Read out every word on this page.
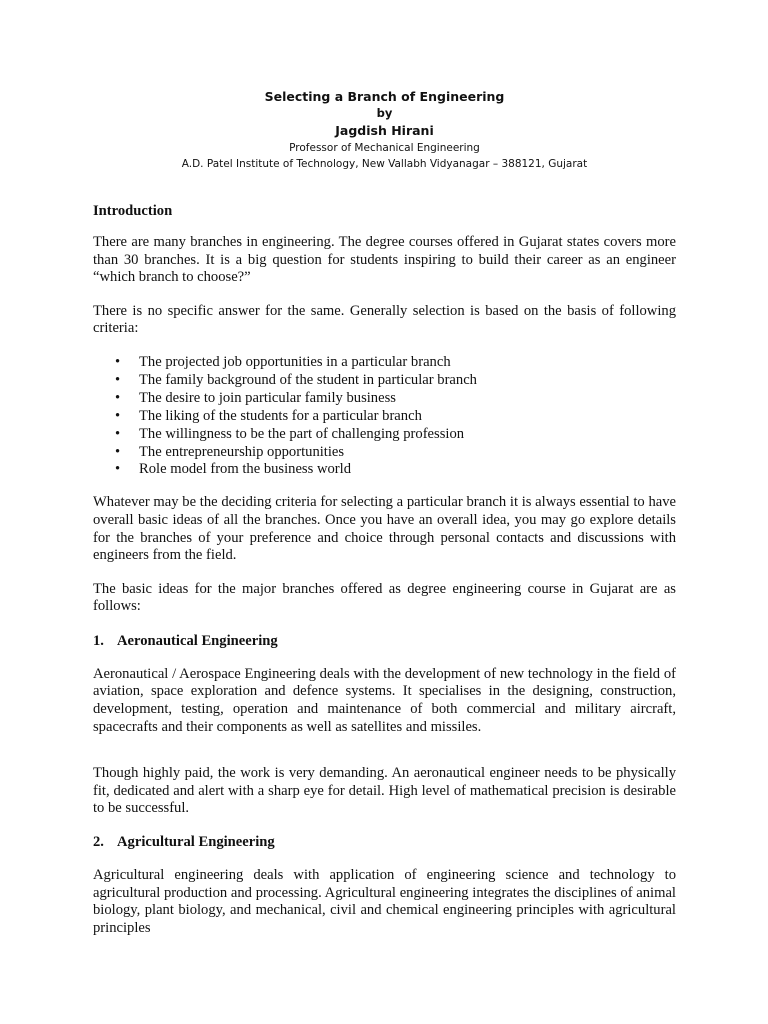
Selecting a Branch of Engineering
by
Jagdish Hirani
Professor of Mechanical Engineering
A.D. Patel Institute of Technology, New Vallabh Vidyanagar – 388121, Gujarat
Introduction

There are many branches in engineering. The degree courses offered in Gujarat states covers more than 30 branches. It is a big question for students inspiring to build their career as an engineer “which branch to choose?”

There is no specific answer for the same. Generally selection is based on the basis of following criteria:

• The projected job opportunities in a particular branch
• The family background of the student in particular branch
• The desire to join particular family business
• The liking of the students for a particular branch
• The willingness to be the part of challenging profession
• The entrepreneurship opportunities
• Role model from the business world

Whatever may be the deciding criteria for selecting a particular branch it is always essential to have overall basic ideas of all the branches. Once you have an overall idea, you may go explore details for the branches of your preference and choice through personal contacts and discussions with engineers from the field.

The basic ideas for the major branches offered as degree engineering course in Gujarat are as follows:

1. Aeronautical Engineering

Aeronautical / Aerospace Engineering deals with the development of new technology in the field of aviation, space exploration and defence systems. It specialises in the designing, construction, development, testing, operation and maintenance of both commercial and military aircraft, spacecrafts and their components as well as satellites and missiles.

Though highly paid, the work is very demanding. An aeronautical engineer needs to be physically fit, dedicated and alert with a sharp eye for detail. High level of mathematical precision is desirable to be successful.

2. Agricultural Engineering

Agricultural engineering deals with application of engineering science and technology to agricultural production and processing. Agricultural engineering integrates the disciplines of animal biology, plant biology, and mechanical, civil and chemical engineering principles with agricultural principles
